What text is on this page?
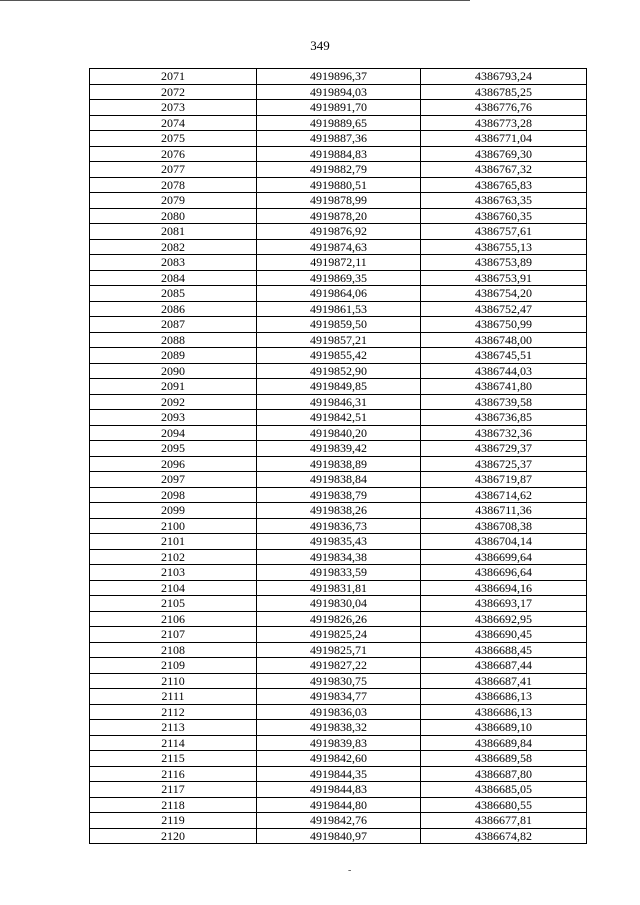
349
2071	4919896,37	4386793,24
2072	4919894,03	4386785,25
2073	4919891,70	4386776,76
2074	4919889,65	4386773,28
2075	4919887,36	4386771,04
2076	4919884,83	4386769,30
2077	4919882,79	4386767,32
2078	4919880,51	4386765,83
2079	4919878,99	4386763,35
2080	4919878,20	4386760,35
2081	4919876,92	4386757,61
2082	4919874,63	4386755,13
2083	4919872,11	4386753,89
2084	4919869,35	4386753,91
2085	4919864,06	4386754,20
2086	4919861,53	4386752,47
2087	4919859,50	4386750,99
2088	4919857,21	4386748,00
2089	4919855,42	4386745,51
2090	4919852,90	4386744,03
2091	4919849,85	4386741,80
2092	4919846,31	4386739,58
2093	4919842,51	4386736,85
2094	4919840,20	4386732,36
2095	4919839,42	4386729,37
2096	4919838,89	4386725,37
2097	4919838,84	4386719,87
2098	4919838,79	4386714,62
2099	4919838,26	4386711,36
2100	4919836,73	4386708,38
2101	4919835,43	4386704,14
2102	4919834,38	4386699,64
2103	4919833,59	4386696,64
2104	4919831,81	4386694,16
2105	4919830,04	4386693,17
2106	4919826,26	4386692,95
2107	4919825,24	4386690,45
2108	4919825,71	4386688,45
2109	4919827,22	4386687,44
2110	4919830,75	4386687,41
2111	4919834,77	4386686,13
2112	4919836,03	4386686,13
2113	4919838,32	4386689,10
2114	4919839,83	4386689,84
2115	4919842,60	4386689,58
2116	4919844,35	4386687,80
2117	4919844,83	4386685,05
2118	4919844,80	4386680,55
2119	4919842,76	4386677,81
2120	4919840,97	4386674,82
-
